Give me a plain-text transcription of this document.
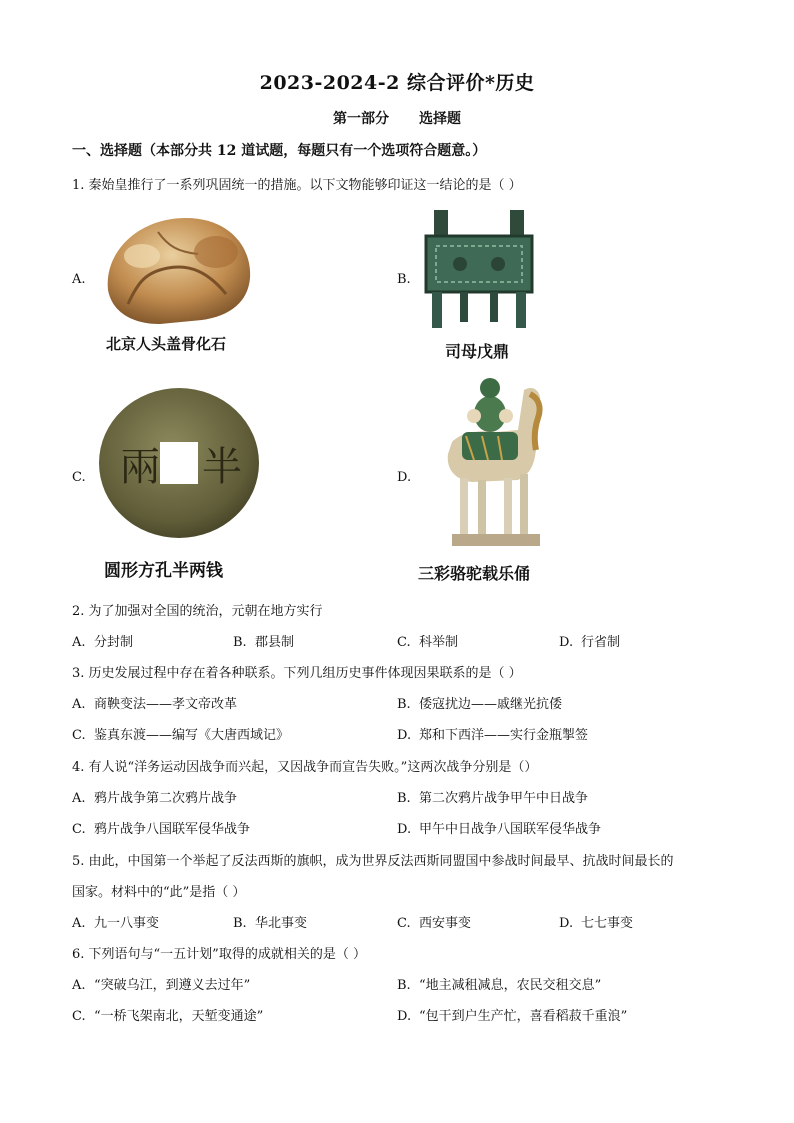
2023-2024-2 综合评价*历史
第一部分 选择题
一、选择题（本部分共 12 道试题，每题只有一个选项符合题意。）
1. 秦始皇推行了一系列巩固统一的措施。以下文物能够印证这一结论的是（ ）
A.
北京人头盖骨化石
B.
司母戊鼎
C. 兩 半
圆形方孔半两钱
D.
三彩骆驼载乐俑
2. 为了加强对全国的统治，元朝在地方实行
A. 分封制	B. 郡县制	C. 科举制	D. 行省制
3. 历史发展过程中存在着各种联系。下列几组历史事件体现因果联系的是（ ）
A. 商鞅变法——孝文帝改革	B. 倭寇扰边——戚继光抗倭
C. 鉴真东渡——编写《大唐西域记》	D. 郑和下西洋——实行金瓶掣签
4. 有人说“洋务运动因战争而兴起，又因战争而宣告失败。”这两次战争分别是（）
A. 鸦片战争第二次鸦片战争	B. 第二次鸦片战争甲午中日战争
C. 鸦片战争八国联军侵华战争	D. 甲午中日战争八国联军侵华战争
5. 由此，中国第一个举起了反法西斯的旗帜，成为世界反法西斯同盟国中参战时间最早、抗战时间最长的
国家。材料中的“此”是指（ ）
A. 九一八事变	B. 华北事变	C. 西安事变	D. 七七事变
6. 下列语句与“一五计划”取得的成就相关的是（ ）
A. “突破乌江，到遵义去过年”	B. “地主减租减息，农民交租交息”
C. “一桥飞架南北，天堑变通途”	D. “包干到户生产忙，喜看稻菽千重浪”
